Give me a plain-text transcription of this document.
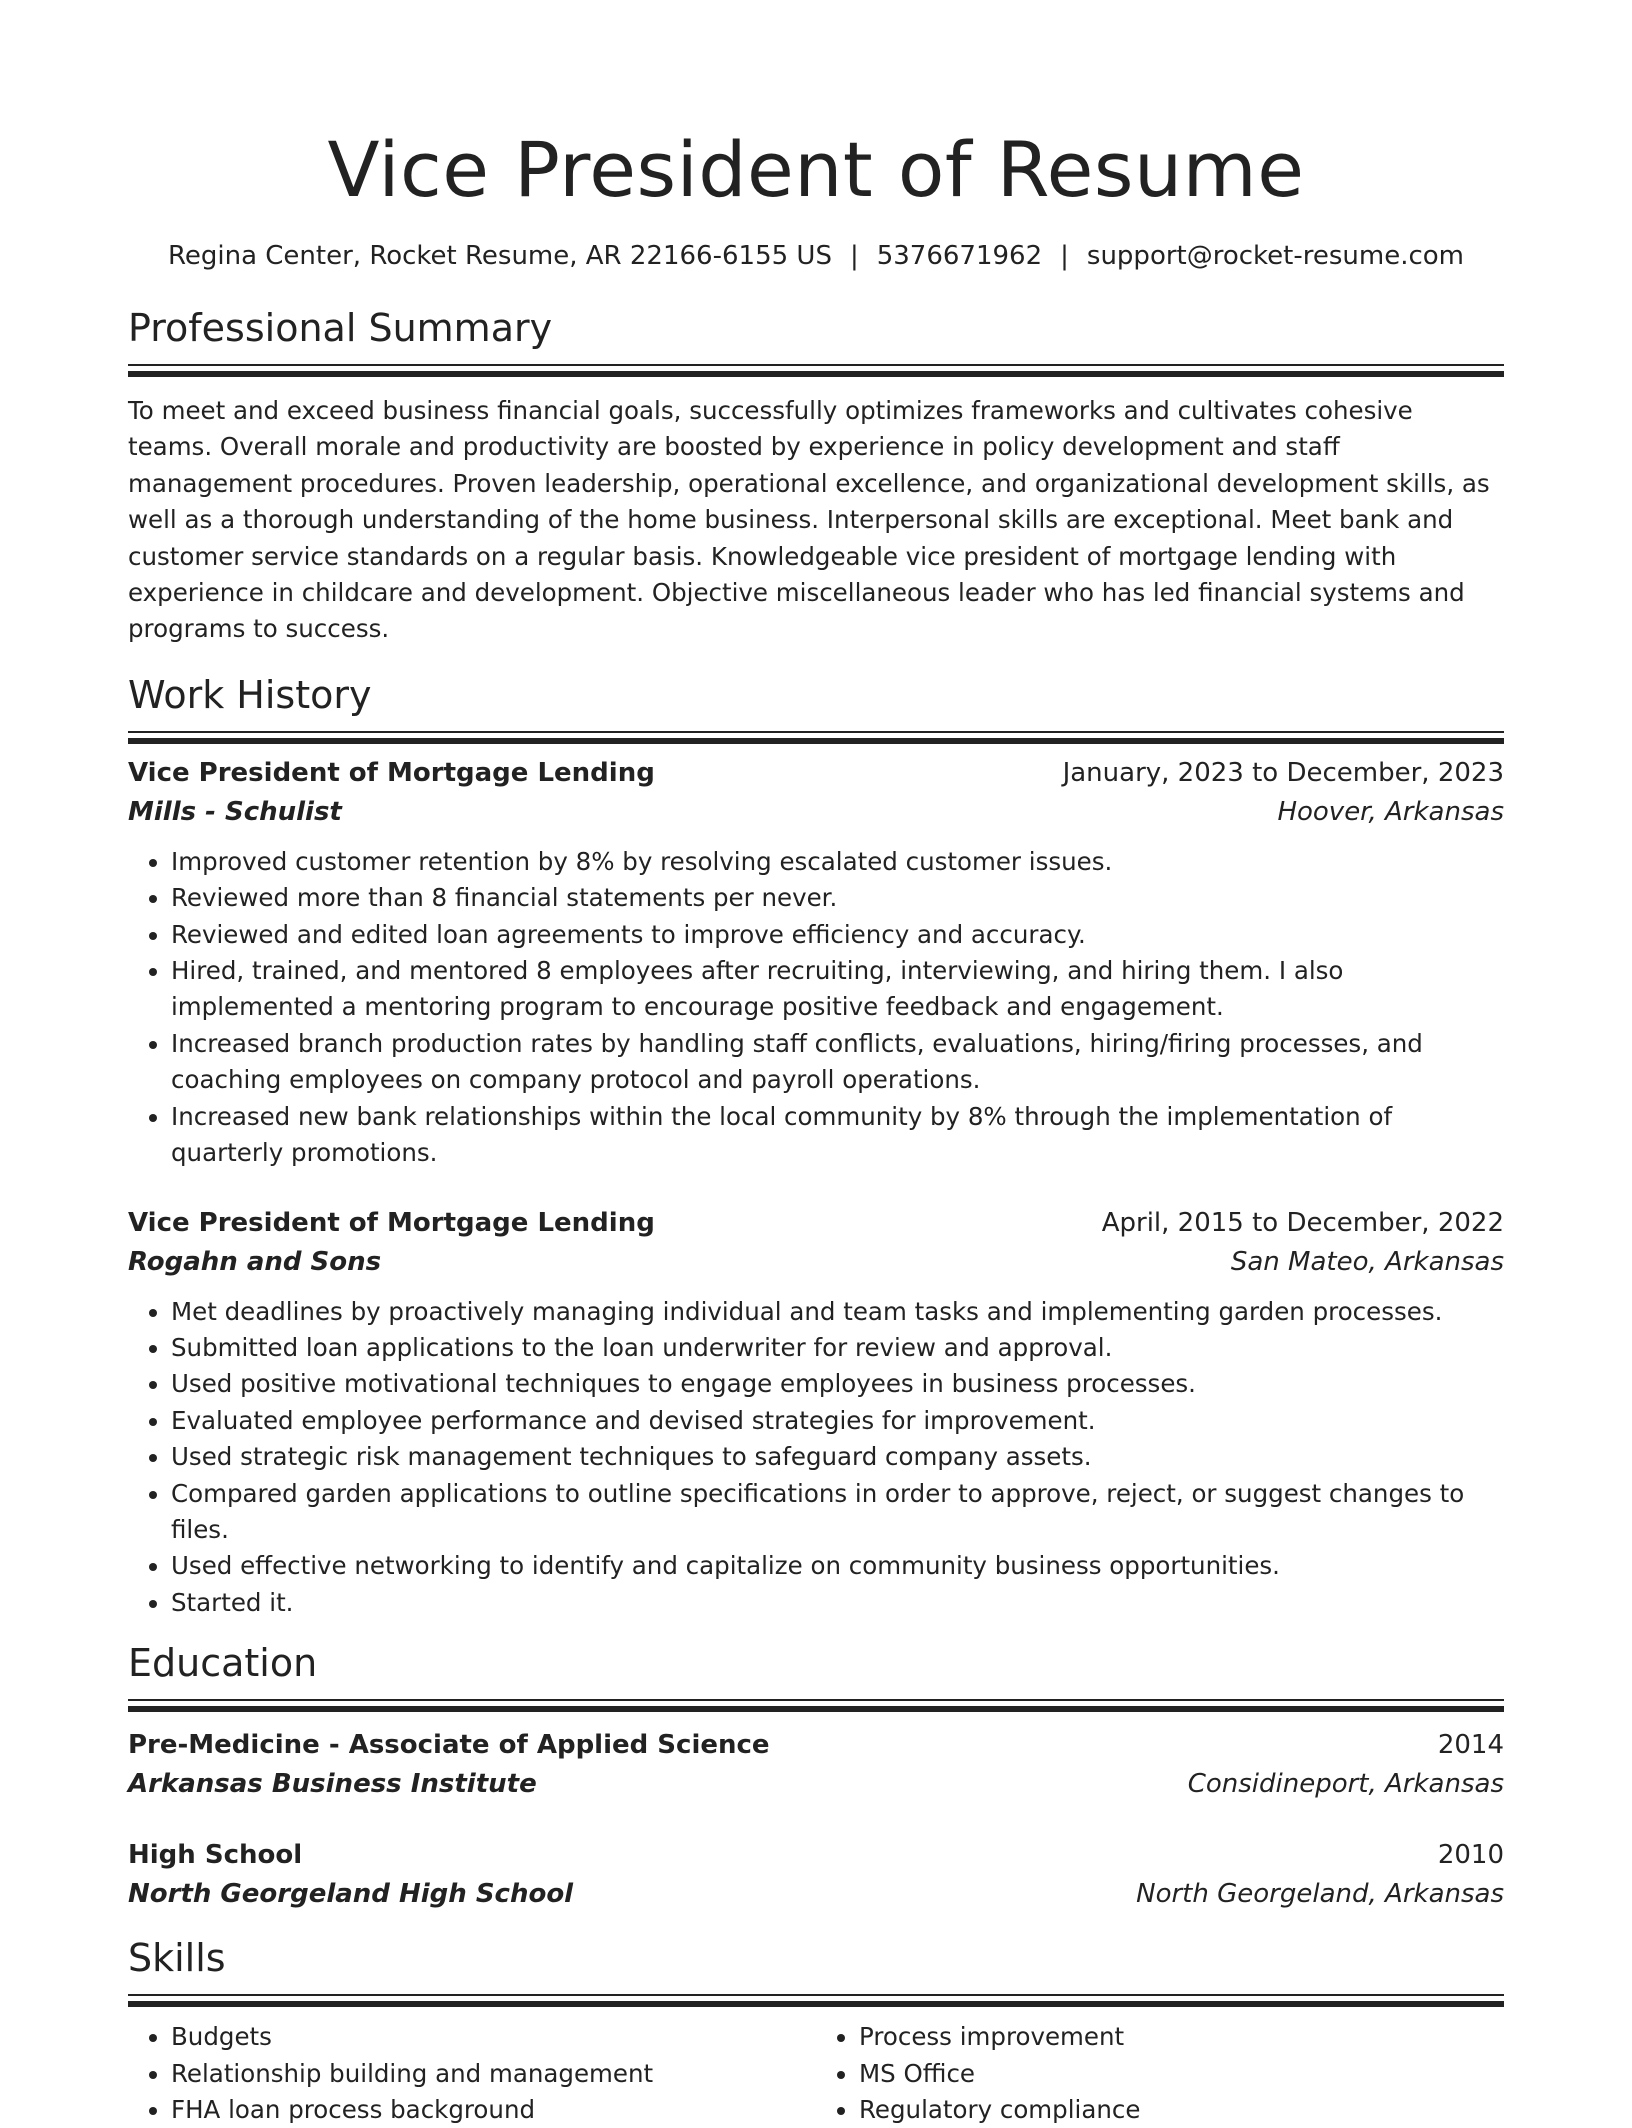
Vice President of Resume
Regina Center, Rocket Resume, AR 22166-6155 US | 5376671962 | support@rocket-resume.com
Professional Summary

To meet and exceed business financial goals, successfully optimizes frameworks and cultivates cohesive teams. Overall morale and productivity are boosted by experience in policy development and staff management procedures. Proven leadership, operational excellence, and organizational development skills, as well as a thorough understanding of the home business. Interpersonal skills are exceptional. Meet bank and customer service standards on a regular basis. Knowledgeable vice president of mortgage lending with experience in childcare and development. Objective miscellaneous leader who has led financial systems and programs to success.

Work History
Vice President of Mortgage Lending	January, 2023 to December, 2023
Mills - Schulist	Hoover, Arkansas
• Improved customer retention by 8% by resolving escalated customer issues.
• Reviewed more than 8 financial statements per never.
• Reviewed and edited loan agreements to improve efficiency and accuracy.
• Hired, trained, and mentored 8 employees after recruiting, interviewing, and hiring them. I also implemented a mentoring program to encourage positive feedback and engagement.
• Increased branch production rates by handling staff conflicts, evaluations, hiring/firing processes, and coaching employees on company protocol and payroll operations.
• Increased new bank relationships within the local community by 8% through the implementation of quarterly promotions.
Vice President of Mortgage Lending	April, 2015 to December, 2022
Rogahn and Sons	San Mateo, Arkansas
• Met deadlines by proactively managing individual and team tasks and implementing garden processes.
• Submitted loan applications to the loan underwriter for review and approval.
• Used positive motivational techniques to engage employees in business processes.
• Evaluated employee performance and devised strategies for improvement.
• Used strategic risk management techniques to safeguard company assets.
• Compared garden applications to outline specifications in order to approve, reject, or suggest changes to files.
• Used effective networking to identify and capitalize on community business opportunities.
• Started it.
Education
Pre-Medicine - Associate of Applied Science	2014
Arkansas Business Institute	Considineport, Arkansas
High School	2010
North Georgeland High School	North Georgeland, Arkansas
Skills
• Budgets
• Relationship building and management
• FHA loan process background
• Process improvement
• MS Office
• Regulatory compliance
